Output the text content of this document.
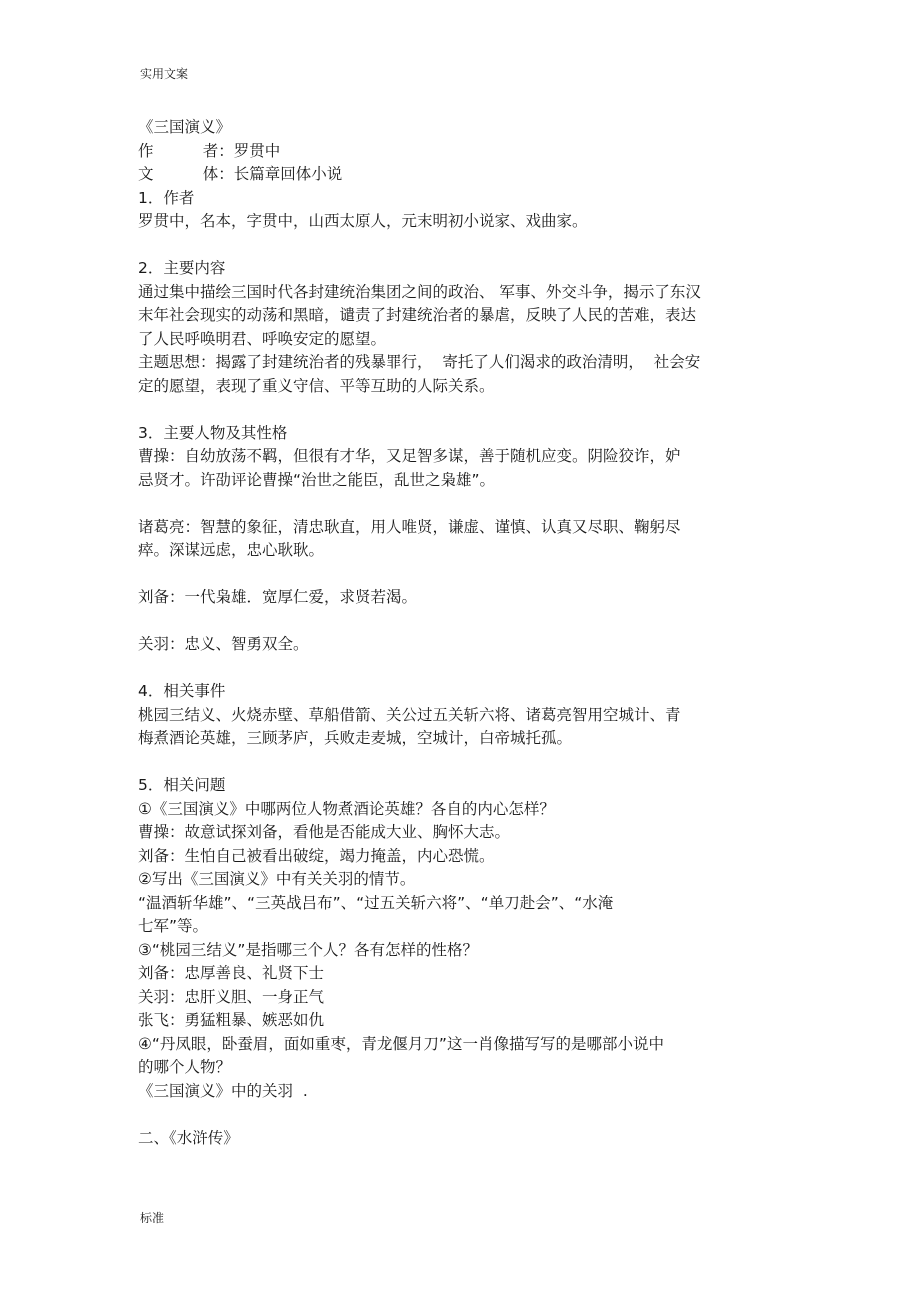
实用文案

《三国演义》

作          者：罗贯中

文          体：长篇章回体小说

1．作者

罗贯中，名本，字贯中，山西太原人，元末明初小说家、戏曲家。

2．主要内容

通过集中描绘三国时代各封建统治集团之间的政治、 军事、外交斗争，揭示了东汉

末年社会现实的动荡和黑暗，谴责了封建统治者的暴虐，反映了人民的苦难，表达

了人民呼唤明君、呼唤安定的愿望。

主题思想：揭露了封建统治者的残暴罪行，  寄托了人们渴求的政治清明，  社会安

定的愿望，表现了重义守信、平等互助的人际关系。

3．主要人物及其性格

曹操：自幼放荡不羁，但很有才华，又足智多谋，善于随机应变。阴险狡诈，妒

忌贤才。许劭评论曹操“治世之能臣，乱世之枭雄”。

诸葛亮：智慧的象征，清忠耿直，用人唯贤，谦虚、谨慎、认真又尽职、鞠躬尽

瘁。深谋远虑，忠心耿耿。

刘备：一代枭雄．宽厚仁爱，求贤若渴。

关羽：忠义、智勇双全。

4．相关事件

桃园三结义、火烧赤壁、草船借箭、关公过五关斩六将、诸葛亮智用空城计、青

梅煮酒论英雄，三顾茅庐，兵败走麦城，空城计，白帝城托孤。

5．相关问题

①《三国演义》中哪两位人物煮酒论英雄？各自的内心怎样？

曹操：故意试探刘备，看他是否能成大业、胸怀大志。

刘备：生怕自己被看出破绽，竭力掩盖，内心恐慌。

②写出《三国演义》中有关关羽的情节。

“温酒斩华雄”、“三英战吕布”、“过五关斩六将”、“单刀赴会”、“水淹

七军”等。

③“桃园三结义”是指哪三个人？各有怎样的性格？

刘备：忠厚善良、礼贤下士

关羽：忠肝义胆、一身正气

张飞：勇猛粗暴、嫉恶如仇

④“丹凤眼，卧蚕眉，面如重枣，青龙偃月刀”这一肖像描写写的是哪部小说中

的哪个人物？

《三国演义》中的关羽  .

二、《水浒传》

标准
